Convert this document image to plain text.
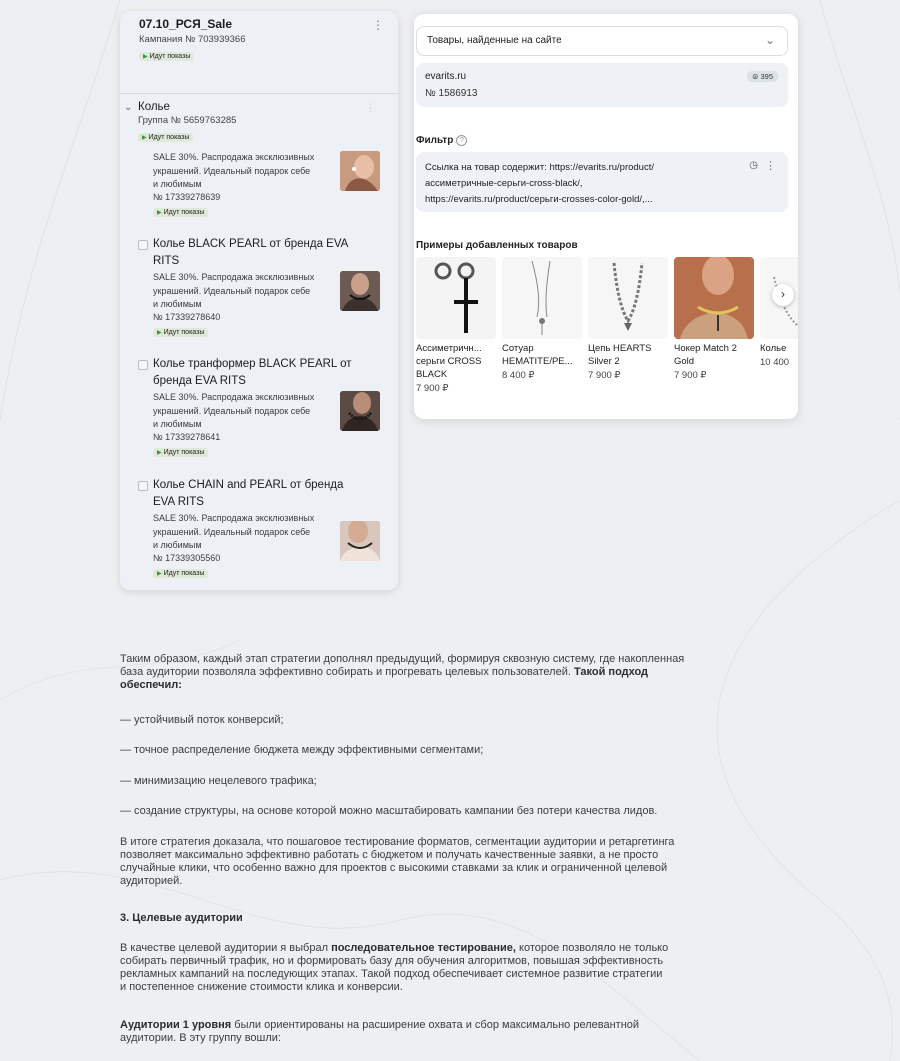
07.10_РСЯ_Sale
Кампания № 703939366
▶ Идут показы
⋮
⌄ Колье
Группа № 5659763285
▶ Идут показы
⋮
SALE 30%. Распродажа эксклюзивных
украшений. Идеальный подарок себе
и любимым
№ 17339278639
▶ Идут показы
Колье BLACK PEARL от бренда EVA
RITS
SALE 30%. Распродажа эксклюзивных
украшений. Идеальный подарок себе
и любимым
№ 17339278640
▶ Идут показы
Колье транформер BLACK PEARL от
бренда EVA RITS
SALE 30%. Распродажа эксклюзивных
украшений. Идеальный подарок себе
и любимым
№ 17339278641
▶ Идут показы
Колье CHAIN and PEARL от бренда
EVA RITS
SALE 30%. Распродажа эксклюзивных
украшений. Идеальный подарок себе
и любимым
№ 17339305560
▶ Идут показы
Товары, найденные на сайте	⌄
evarits.ru
№ 1586913
⊜ 395
Фильтр ?
Ссылка на товар содержит: https://evarits.ru/product/
ассиметричные-серьги-cross-black/,
https://evarits.ru/product/серьги-crosses-color-gold/,...
◷ ⋮
Примеры добавленных товаров
Ассиметричн...
серьги CROSS
BLACK
7 900 ₽
Сотуар
HEMATITE/PE...
8 400 ₽
Цепь HEARTS
Silver 2
7 900 ₽
Чокер Match 2
Gold
7 900 ₽
Колье
10 400
›

Таким образом, каждый этап стратегии дополнял предыдущий, формируя сквозную систему, где накопленная
база аудитории позволяла эффективно собирать и прогревать целевых пользователей. Такой подход
обеспечил:

— устойчивый поток конверсий;

— точное распределение бюджета между эффективными сегментами;

— минимизацию нецелевого трафика;

— создание структуры, на основе которой можно масштабировать кампании без потери качества лидов.

В итоге стратегия доказала, что пошаговое тестирование форматов, сегментации аудитории и ретаргетинга
позволяет максимально эффективно работать с бюджетом и получать качественные заявки, а не просто
случайные клики, что особенно важно для проектов с высокими ставками за клик и ограниченной целевой
аудиторией.

3. Целевые аудитории

В качестве целевой аудитории я выбрал последовательное тестирование, которое позволяло не только
собирать первичный трафик, но и формировать базу для обучения алгоритмов, повышая эффективность
рекламных кампаний на последующих этапах. Такой подход обеспечивает системное развитие стратегии
и постепенное снижение стоимости клика и конверсии.

Аудитории 1 уровня были ориентированы на расширение охвата и сбор максимально релевантной
аудитории. В эту группу вошли:
